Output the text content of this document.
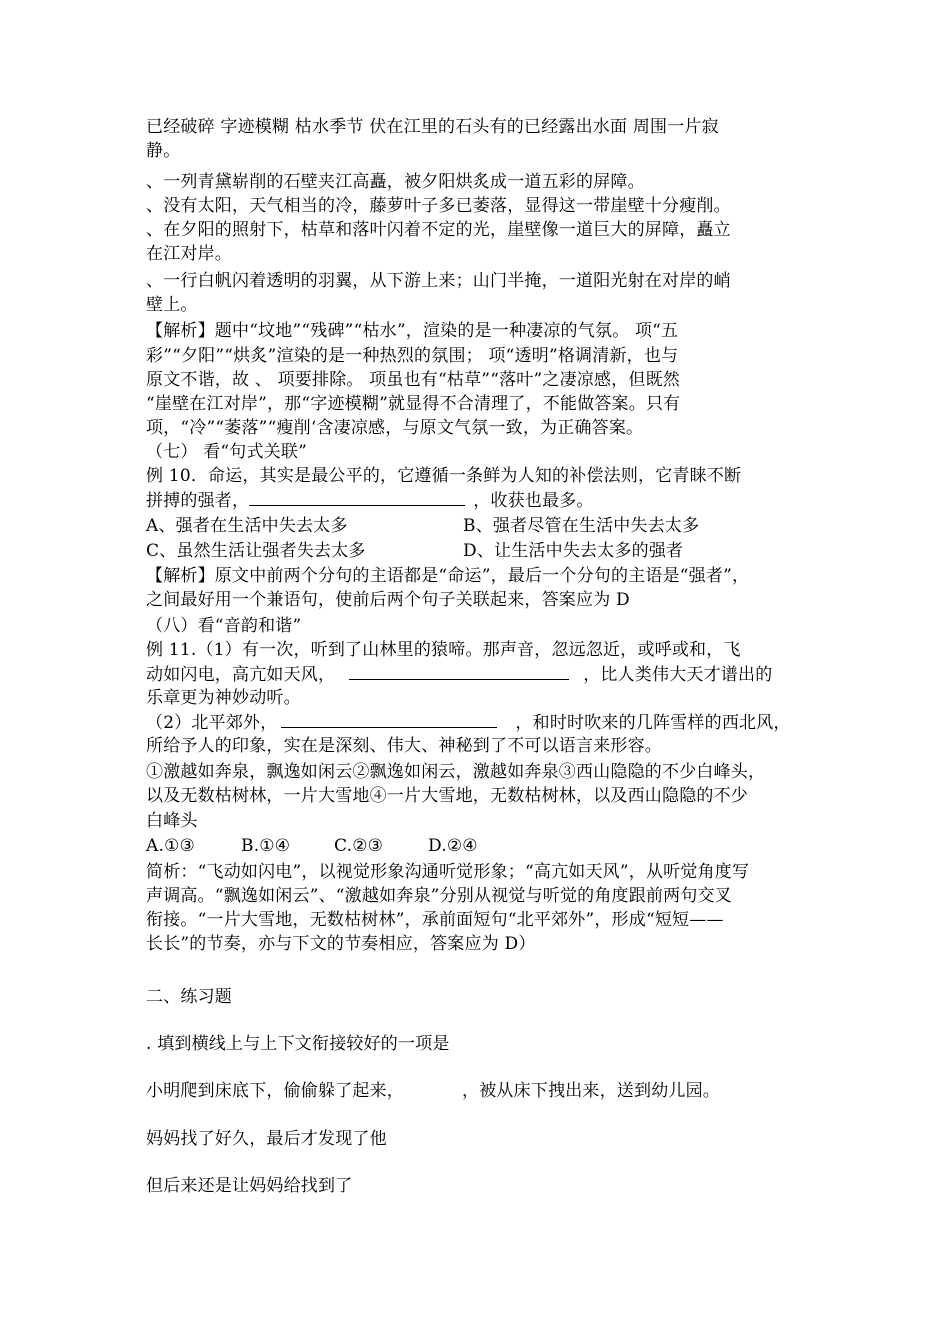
已经破碎 字迹模糊 枯水季节 伏在江里的石头有的已经露出水面 周围一片寂
静。
、一列青黛崭削的石壁夹江高矗，被夕阳烘炙成一道五彩的屏障。
、没有太阳，天气相当的冷，藤萝叶子多已萎落，显得这一带崖壁十分瘦削。
、在夕阳的照射下，枯草和落叶闪着不定的光，崖壁像一道巨大的屏障，矗立
在江对岸。
、一行白帆闪着透明的羽翼，从下游上来；山门半掩，一道阳光射在对岸的峭
壁上。
【解析】题中“坟地”“残碑”“枯水”，渲染的是一种凄凉的气氛。 项“五
彩”“夕阳”“烘炙”渲染的是一种热烈的氛围； 项“透明”格调清新，也与
原文不谐，故 、 项要排除。 项虽也有“枯草”“落叶”之凄凉感，但既然
“崖壁在江对岸”，那“字迹模糊”就显得不合清理了，不能做答案。只有
项，“冷”“萎落”“瘦削‘含凄凉感，与原文气氛一致，为正确答案。
（七） 看“句式关联”
例 10．命运，其实是最公平的，它遵循一条鲜为人知的补偿法则，它青睐不断
拼搏的强者，	，收获也最多。
A、强者在生活中失去太多	B、强者尽管在生活中失去太多
C、虽然生活让强者失去太多	D、让生活中失去太多的强者
【解析】原文中前两个分句的主语都是“命运”，最后一个分句的主语是“强者”，
之间最好用一个兼语句，使前后两个句子关联起来，答案应为 D
（八）看“音韵和谐”
例 11.（1）有一次，听到了山林里的猿啼。那声音，忽远忽近，或呼或和，飞
动如闪电，高亢如天风，	，比人类伟大天才谱出的
乐章更为神妙动听。
（2）北平郊外，	，和时时吹来的几阵雪样的西北风，
所给予人的印象，实在是深刻、伟大、神秘到了不可以语言来形容。
①激越如奔泉，飘逸如闲云②飘逸如闲云，激越如奔泉③西山隐隐的不少白峰头，
以及无数枯树林，一片大雪地④一片大雪地，无数枯树林，以及西山隐隐的不少
白峰头
A.①③	B.①④	C.②③	D.②④
简析：“飞动如闪电”，以视觉形象沟通听觉形象；“高亢如天风”，从听觉角度写
声调高。“飘逸如闲云”、“激越如奔泉”分别从视觉与听觉的角度跟前两句交叉
衔接。“一片大雪地，无数枯树林”，承前面短句“北平郊外”，形成“短短——
长长”的节奏，亦与下文的节奏相应，答案应为 D）
二、练习题
. 填到横线上与上下文衔接较好的一项是
小明爬到床底下，偷偷躲了起来，	，被从床下拽出来，送到幼儿园。
妈妈找了好久，最后才发现了他
但后来还是让妈妈给找到了
